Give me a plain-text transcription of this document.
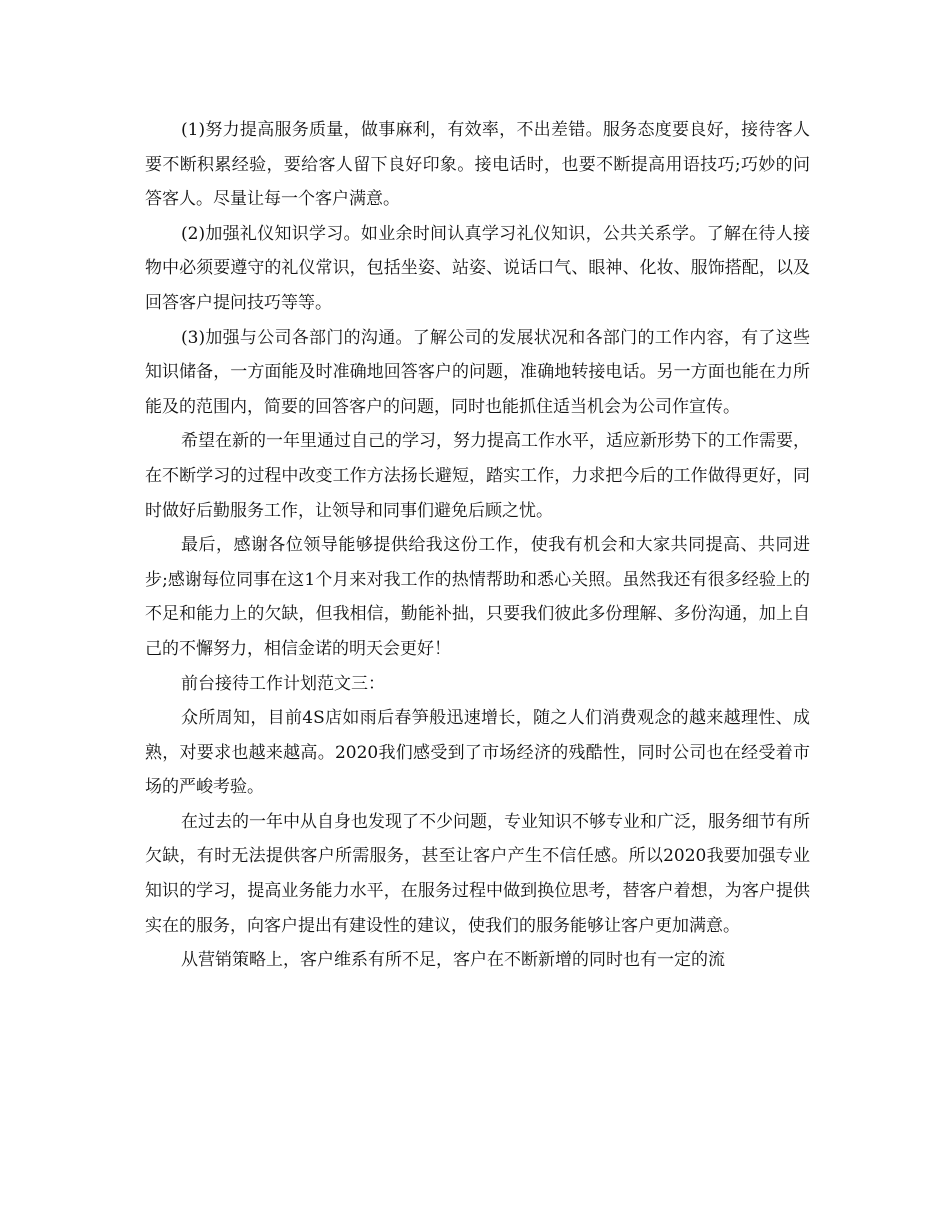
(1)努力提高服务质量，做事麻利，有效率，不出差错。服务态度要良好，接待客人要不断积累经验，要给客人留下良好印象。接电话时，也要不断提高用语技巧;巧妙的问答客人。尽量让每一个客户满意。

(2)加强礼仪知识学习。如业余时间认真学习礼仪知识，公共关系学。了解在待人接物中必须要遵守的礼仪常识，包括坐姿、站姿、说话口气、眼神、化妆、服饰搭配，以及回答客户提问技巧等等。

(3)加强与公司各部门的沟通。了解公司的发展状况和各部门的工作内容，有了这些知识储备，一方面能及时准确地回答客户的问题，准确地转接电话。另一方面也能在力所能及的范围内，简要的回答客户的问题，同时也能抓住适当机会为公司作宣传。

希望在新的一年里通过自己的学习，努力提高工作水平，适应新形势下的工作需要，在不断学习的过程中改变工作方法扬长避短，踏实工作，力求把今后的工作做得更好，同时做好后勤服务工作，让领导和同事们避免后顾之忧。

最后，感谢各位领导能够提供给我这份工作，使我有机会和大家共同提高、共同进步;感谢每位同事在这1个月来对我工作的热情帮助和悉心关照。虽然我还有很多经验上的不足和能力上的欠缺，但我相信，勤能补拙，只要我们彼此多份理解、多份沟通，加上自己的不懈努力，相信金诺的明天会更好！

前台接待工作计划范文三：

众所周知，目前4S店如雨后春笋般迅速增长，随之人们消费观念的越来越理性、成熟，对要求也越来越高。2020我们感受到了市场经济的残酷性，同时公司也在经受着市场的严峻考验。

在过去的一年中从自身也发现了不少问题，专业知识不够专业和广泛，服务细节有所欠缺，有时无法提供客户所需服务，甚至让客户产生不信任感。所以2020我要加强专业知识的学习，提高业务能力水平，在服务过程中做到换位思考，替客户着想，为客户提供实在的服务，向客户提出有建设性的建议，使我们的服务能够让客户更加满意。

从营销策略上，客户维系有所不足，客户在不断新增的同时也有一定的流
